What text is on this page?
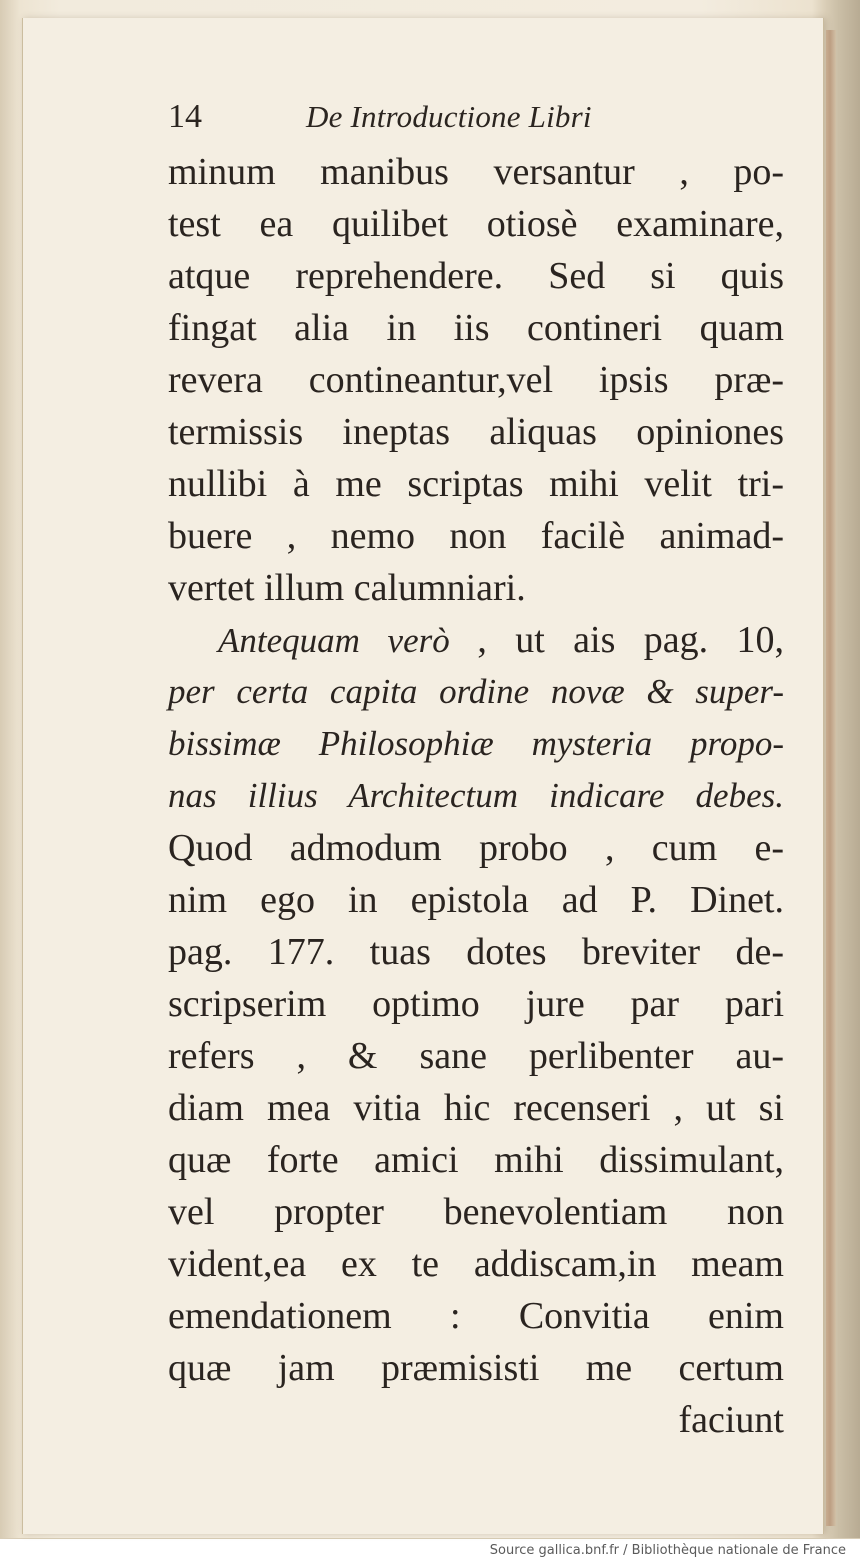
14	De Introductione Libri
minum manibus versantur , po-
test ea quilibet otiosè examinare,
atque reprehendere. Sed si quis
fingat alia in iis contineri quam
revera contineantur,vel ipsis præ-
termissis ineptas aliquas opiniones
nullibi à me scriptas mihi velit tri-
buere , nemo non facilè animad-
vertet illum calumniari.
Antequam verò , ut ais pag. 10,
per certa capita ordine novæ & super-
bissimæ Philosophiæ mysteria propo-
nas illius Architectum indicare debes.
Quod admodum probo , cum e-
nim ego in epistola ad P. Dinet.
pag. 177. tuas dotes breviter de-
scripserim optimo jure par pari
refers , & sane perlibenter au-
diam mea vitia hic recenseri , ut si
quæ forte amici mihi dissimulant,
vel propter benevolentiam non
vident,ea ex te addiscam,in meam
emendationem : Convitia enim
quæ jam præmisisti me certum
faciunt
Source gallica.bnf.fr / Bibliothèque nationale de France
